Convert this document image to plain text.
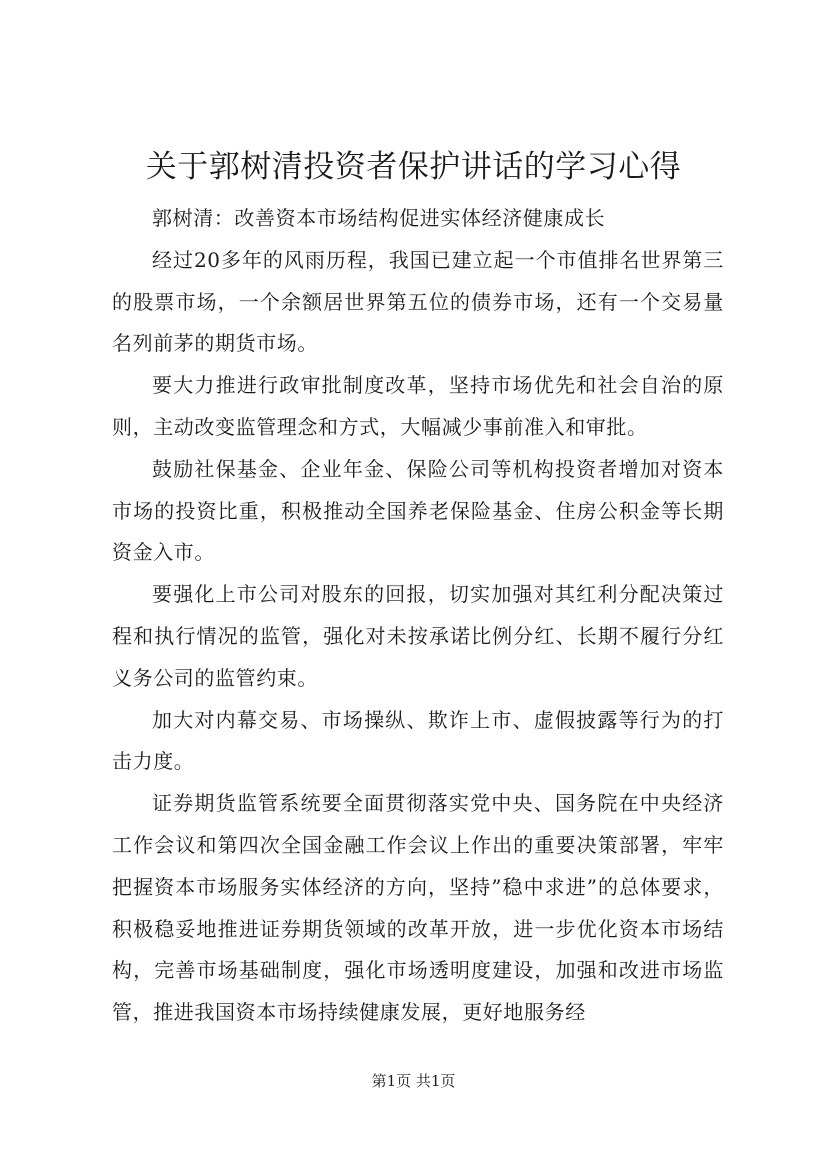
关于郭树清投资者保护讲话的学习心得

郭树清：改善资本市场结构促进实体经济健康成长

经过20多年的风雨历程，我国已建立起一个市值排名世界第三的股票市场，一个余额居世界第五位的债券市场，还有一个交易量名列前茅的期货市场。

要大力推进行政审批制度改革，坚持市场优先和社会自治的原则，主动改变监管理念和方式，大幅减少事前准入和审批。

鼓励社保基金、企业年金、保险公司等机构投资者增加对资本市场的投资比重，积极推动全国养老保险基金、住房公积金等长期资金入市。

要强化上市公司对股东的回报，切实加强对其红利分配决策过程和执行情况的监管，强化对未按承诺比例分红、长期不履行分红义务公司的监管约束。

加大对内幕交易、市场操纵、欺诈上市、虚假披露等行为的打击力度。

证券期货监管系统要全面贯彻落实党中央、国务院在中央经济工作会议和第四次全国金融工作会议上作出的重要决策部署，牢牢把握资本市场服务实体经济的方向，坚持”稳中求进”的总体要求，积极稳妥地推进证券期货领域的改革开放，进一步优化资本市场结构，完善市场基础制度，强化市场透明度建设，加强和改进市场监管，推进我国资本市场持续健康发展，更好地服务经

第1页 共1页
